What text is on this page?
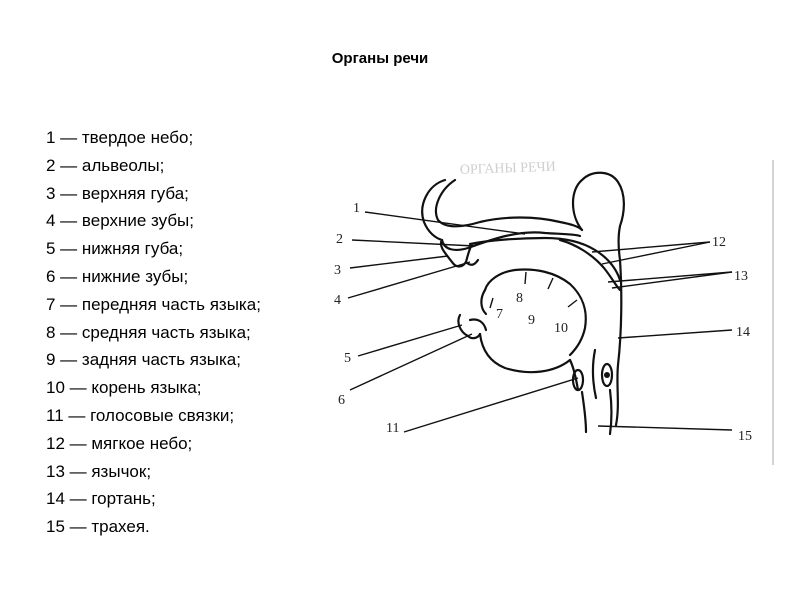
Органы речи
1 — твердое небо;
2 — альвеолы;
3 — верхняя губа;
4 — верхние зубы;
5 — нижняя губа;
6 — нижние зубы;
7 — передняя часть языка;
8 — средняя часть языка;
9 — задняя часть языка;
10 — корень языка;
11 — голосовые связки;
12 — мягкое небо;
13 — язычок;
14 — гортань;
15 — трахея.
ОРГАНЫ РЕЧИ
1
2
3
4
5
6
7
8
9
10
11
12
13
14
15
